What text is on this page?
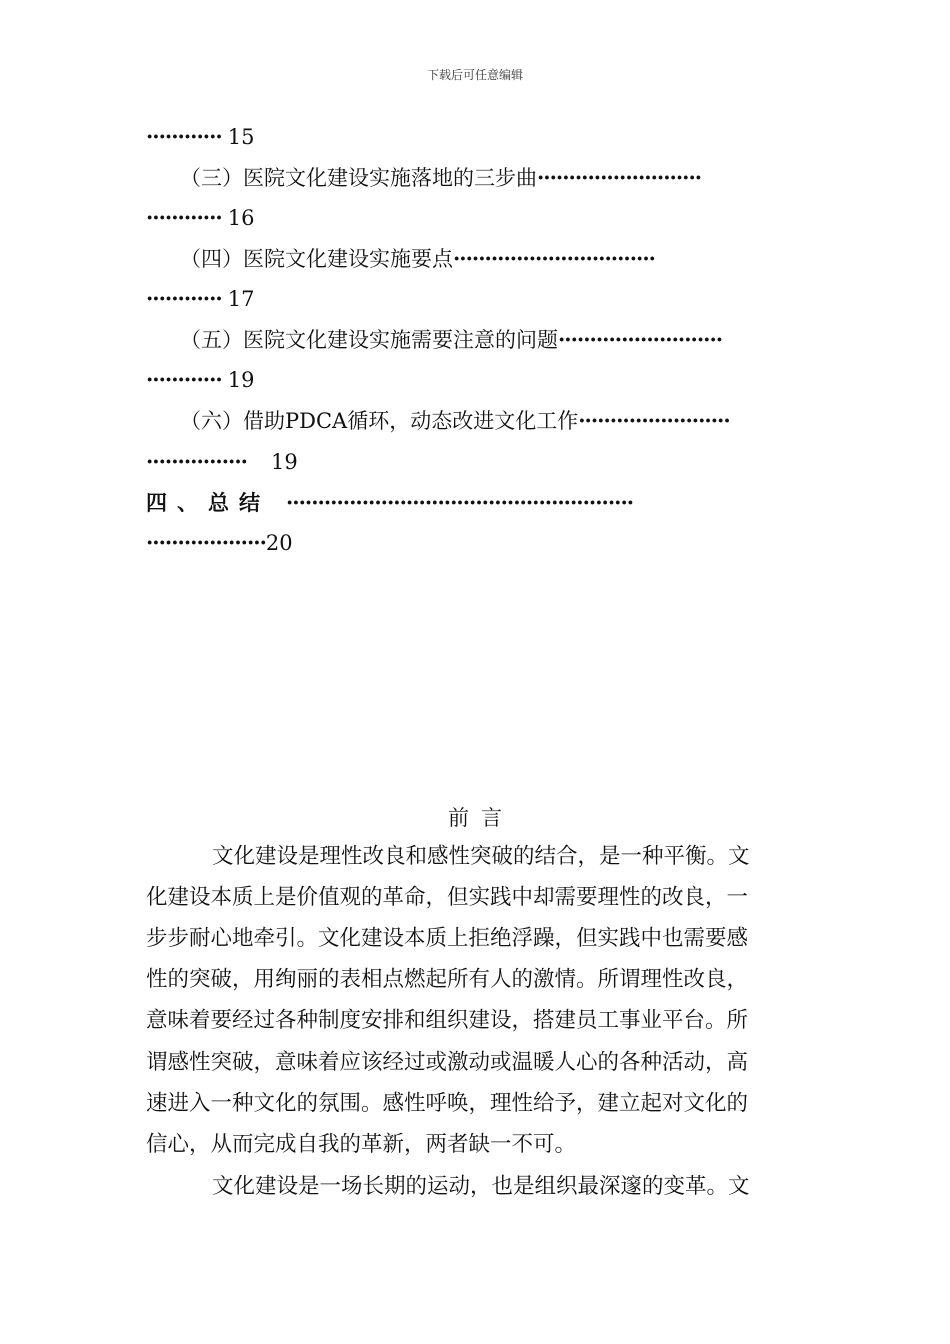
下载后可任意编辑
············ 15
（三）医院文化建设实施落地的三步曲··························
············ 16
（四）医院文化建设实施要点································
············ 17
（五）医院文化建设实施需要注意的问题··························
············ 19
（六）借助PDCA循环，动态改进文化工作························
················ 19
四、总结 ·······················································
···················20
前言
文化建设是理性改良和感性突破的结合，是一种平衡。文
化建设本质上是价值观的革命，但实践中却需要理性的改良，一
步步耐心地牵引。文化建设本质上拒绝浮躁，但实践中也需要感
性的突破，用绚丽的表相点燃起所有人的激情。所谓理性改良，
意味着要经过各种制度安排和组织建设，搭建员工事业平台。所
谓感性突破，意味着应该经过或激动或温暖人心的各种活动，高
速进入一种文化的氛围。感性呼唤，理性给予，建立起对文化的
信心，从而完成自我的革新，两者缺一不可。
文化建设是一场长期的运动，也是组织最深邃的变革。文
